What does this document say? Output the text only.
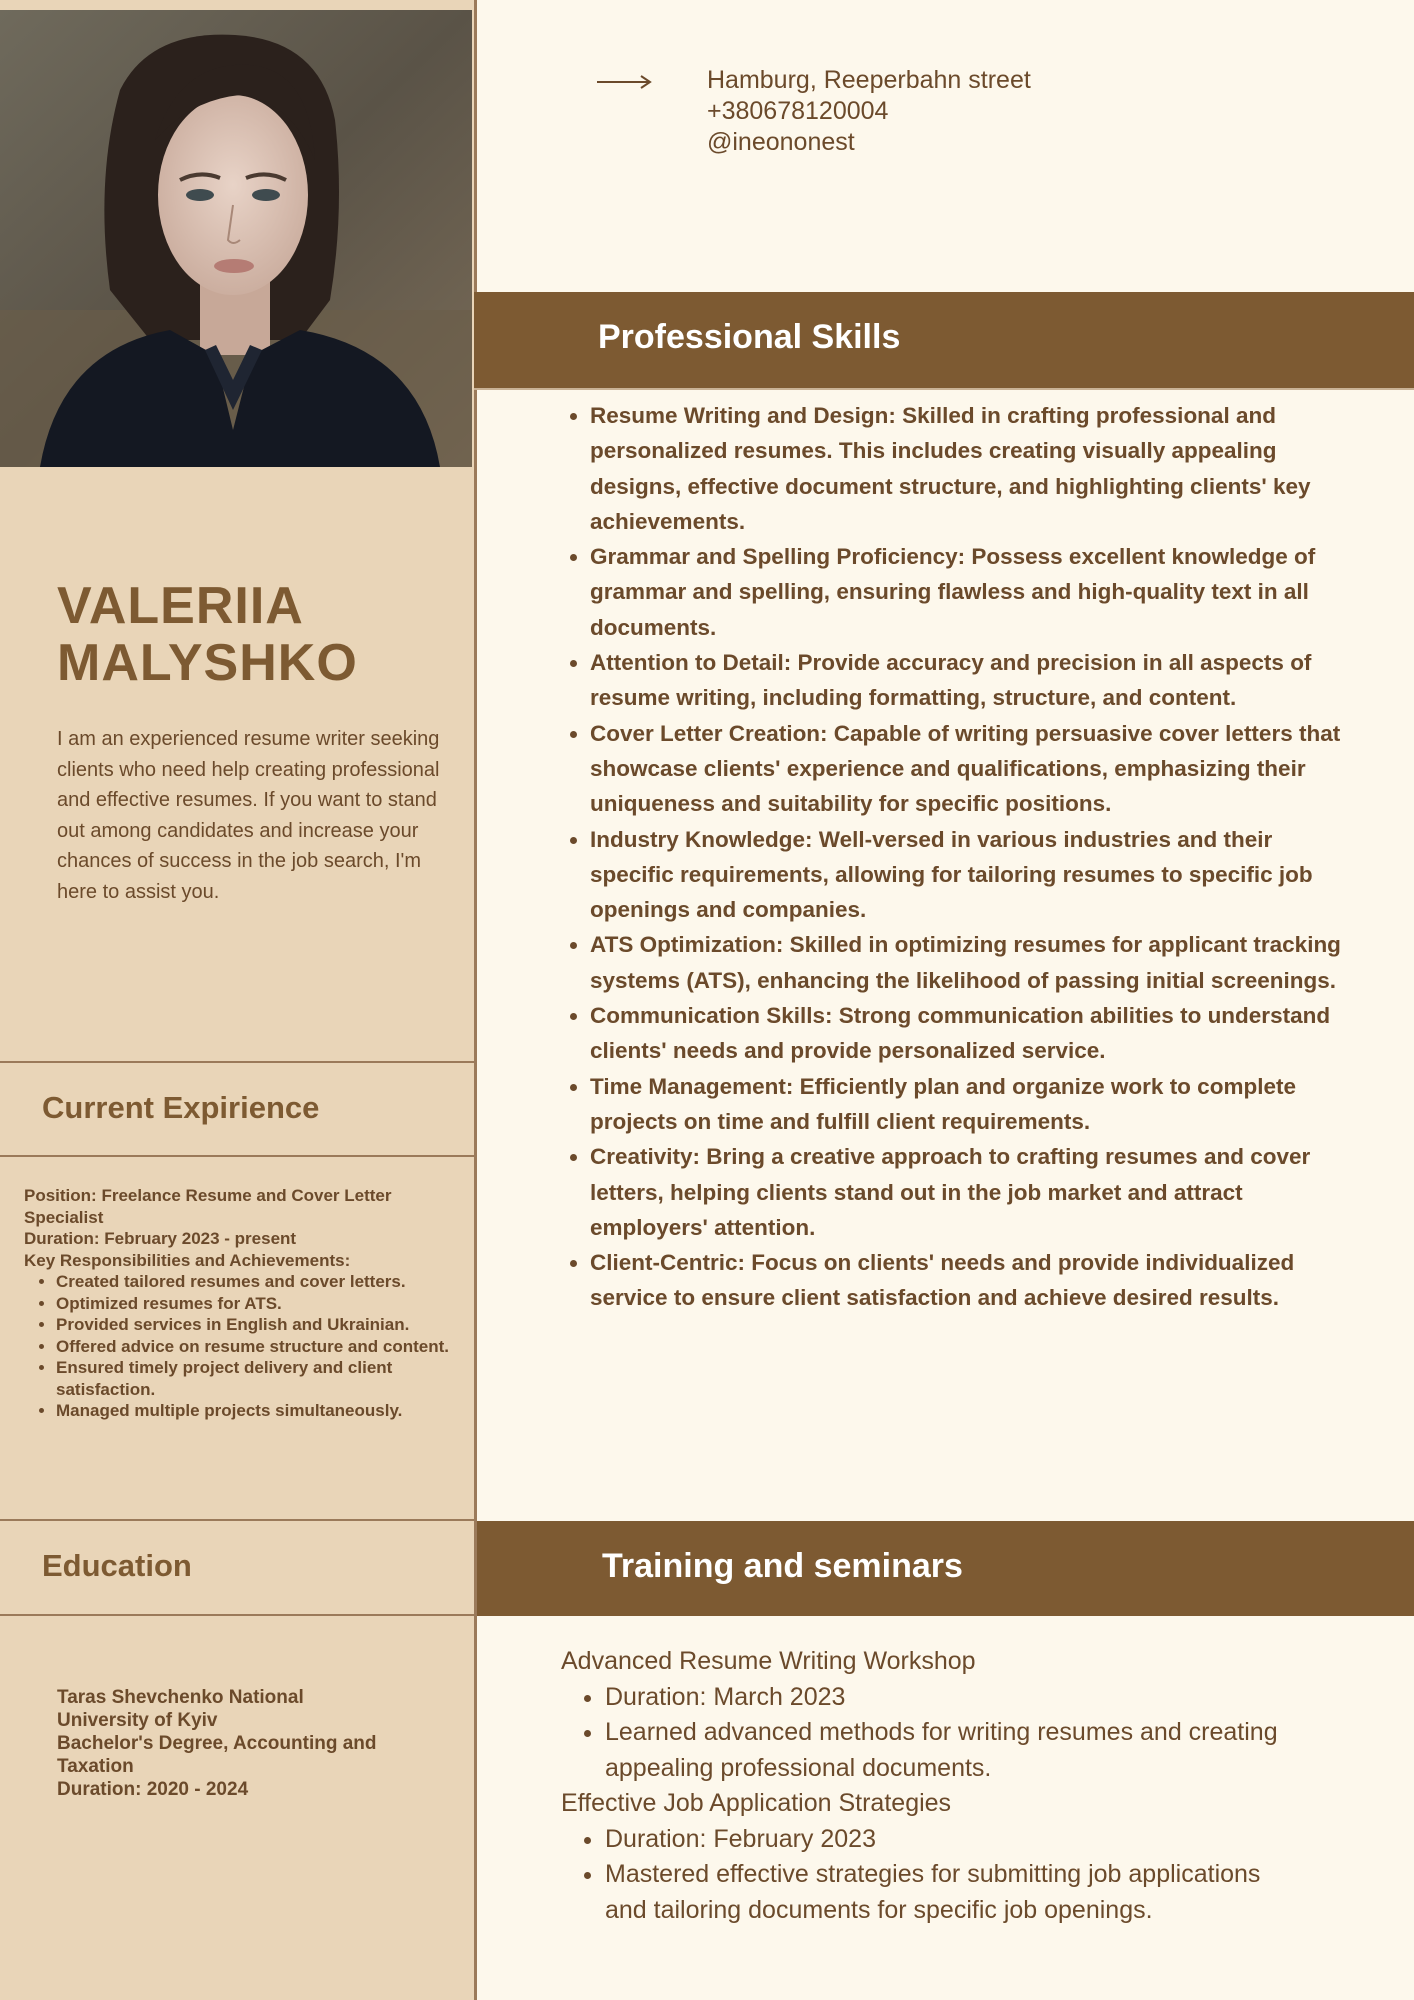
Hamburg, Reeperbahn street
+380678120004
@ineononest
Professional Skills
• Resume Writing and Design: Skilled in crafting professional and personalized resumes. This includes creating visually appealing designs, effective document structure, and highlighting clients' key achievements.
• Grammar and Spelling Proficiency: Possess excellent knowledge of grammar and spelling, ensuring flawless and high-quality text in all documents.
• Attention to Detail: Provide accuracy and precision in all aspects of resume writing, including formatting, structure, and content.
• Cover Letter Creation: Capable of writing persuasive cover letters that showcase clients' experience and qualifications, emphasizing their uniqueness and suitability for specific positions.
• Industry Knowledge: Well-versed in various industries and their specific requirements, allowing for tailoring resumes to specific job openings and companies.
• ATS Optimization: Skilled in optimizing resumes for applicant tracking systems (ATS), enhancing the likelihood of passing initial screenings.
• Communication Skills: Strong communication abilities to understand clients' needs and provide personalized service.
• Time Management: Efficiently plan and organize work to complete projects on time and fulfill client requirements.
• Creativity: Bring a creative approach to crafting resumes and cover letters, helping clients stand out in the job market and attract employers' attention.
• Client-Centric: Focus on clients' needs and provide individualized service to ensure client satisfaction and achieve desired results.
VALERIIA
MALYSHKO
I am an experienced resume writer seeking clients who need help creating professional and effective resumes. If you want to stand out among candidates and increase your chances of success in the job search, I'm here to assist you.
Current Expirience
Position: Freelance Resume and Cover Letter Specialist
Duration: February 2023 - present
Key Responsibilities and Achievements:
• Created tailored resumes and cover letters.
• Optimized resumes for ATS.
• Provided services in English and Ukrainian.
• Offered advice on resume structure and content.
• Ensured timely project delivery and client satisfaction.
• Managed multiple projects simultaneously.
Education
Taras Shevchenko National
University of Kyiv
Bachelor's Degree, Accounting and
Taxation
Duration: 2020 - 2024
Training and seminars
Advanced Resume Writing Workshop
• Duration: March 2023
• Learned advanced methods for writing resumes and creating appealing professional documents.
Effective Job Application Strategies
• Duration: February 2023
• Mastered effective strategies for submitting job applications and tailoring documents for specific job openings.
